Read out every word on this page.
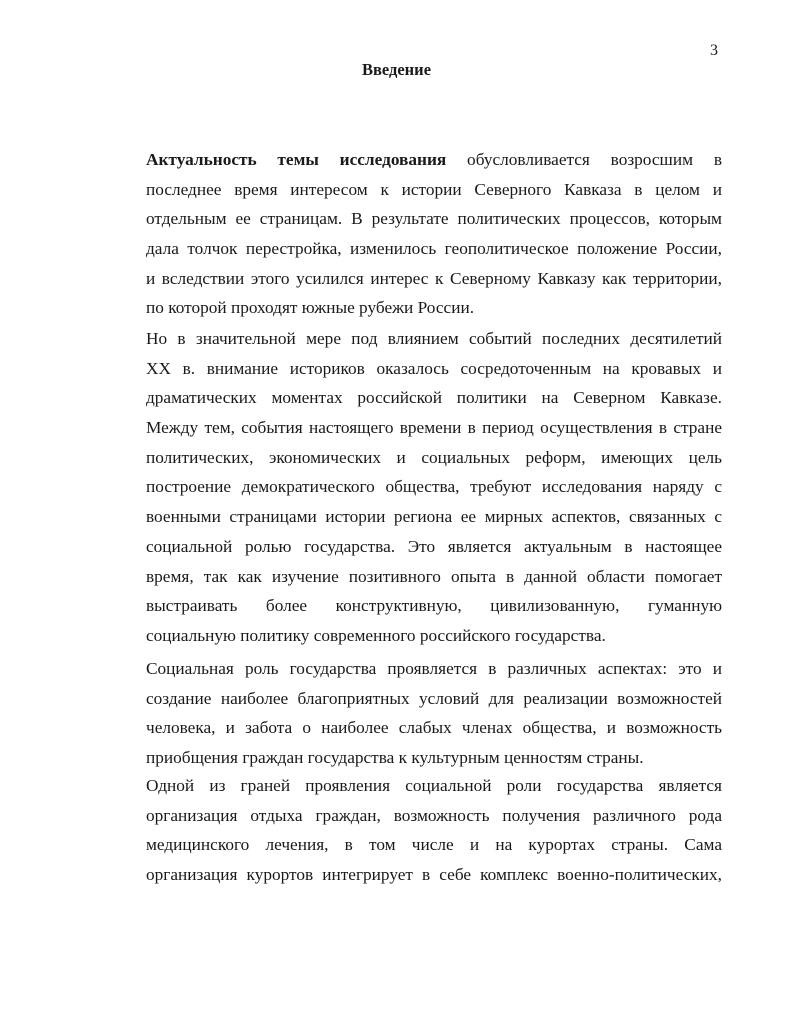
3
Введение
Актуальность темы исследования обусловливается возросшим в
последнее время интересом к истории Северного Кавказа в целом и
отдельным ее страницам. В результате политических процессов, которым
дала толчок перестройка, изменилось геополитическое положение России,
и вследствии этого усилился интерес к Северному Кавказу как территории,
по которой проходят южные рубежи России.
Но в значительной мере под влиянием событий последних десятилетий
XX в. внимание историков оказалось сосредоточенным на кровавых и
драматических моментах российской политики на Северном Кавказе.
Между тем, события настоящего времени в период осуществления в стране
политических, экономических и социальных реформ, имеющих цель
построение демократического общества, требуют исследования наряду с
военными страницами истории региона ее мирных аспектов, связанных с
социальной ролью государства. Это является актуальным в настоящее
время, так как изучение позитивного опыта в данной области помогает
выстраивать более конструктивную, цивилизованную, гуманную
социальную политику современного российского государства.
Социальная роль государства проявляется в различных аспектах: это и
создание наиболее благоприятных условий для реализации возможностей
человека, и забота о наиболее слабых членах общества, и возможность
приобщения граждан государства к культурным ценностям страны.
Одной из граней проявления социальной роли государства является
организация отдыха граждан, возможность получения различного рода
медицинского лечения, в том числе и на курортах страны. Сама
организация курортов интегрирует в себе комплекс военно-политических,
